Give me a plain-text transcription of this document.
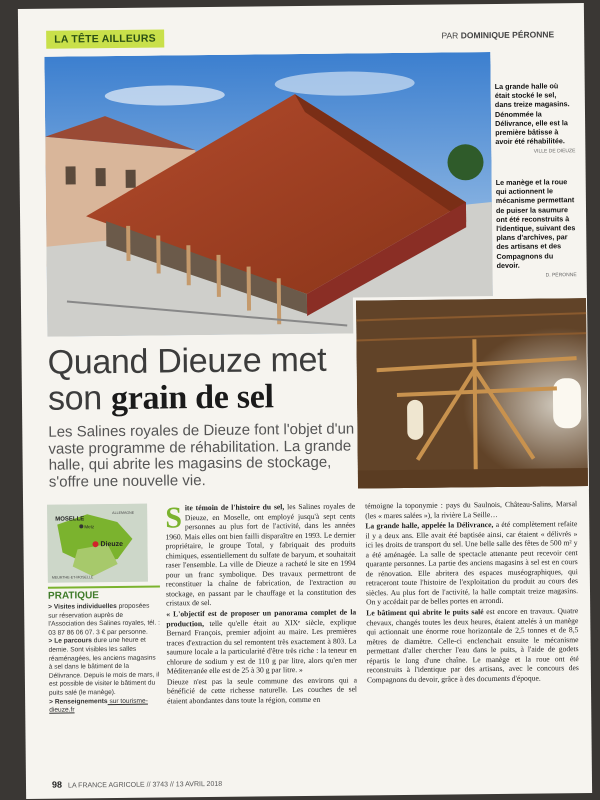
LA TÊTE AILLEURS	PAR DOMINIQUE PÉRONNE
La grande halle où était stocké le sel, dans treize magasins. Dénommée la Délivrance, elle est la première bâtisse à avoir été réhabilitée.
VILLE DE DIEUZE
Le manège et la roue qui actionnent le mécanisme permettant de puiser la saumure ont été reconstruits à l'identique, suivant des plans d'archives, par des artisans et des Compagnons du devoir.
D. PÉRONNE
Quand Dieuze met
son grain de sel
Les Salines royales de Dieuze font l'objet d'un vaste programme de réhabilitation. La grande halle, qui abrite les magasins de stockage, s'offre une nouvelle vie.
MOSELLE
Metz
Dieuze
MEURTHE-ET-MOSELLE
ALLEMAGNE
PRATIQUE

> Visites individuelles proposées sur réservation auprès de l'Association des Salines royales, tél. : 03 87 86 06 07. 3 € par personne.

> Le parcours dure une heure et demie. Sont visibles les salles réaménagées, les anciens magasins à sel dans le bâtiment de la Délivrance. Depuis le mois de mars, il est possible de visiter le bâtiment du puits salé (le manège).

> Renseignements sur tourisme-dieuze.fr

Site témoin de l'histoire du sel, les Salines royales de Dieuze, en Moselle, ont employé jusqu'à sept cents personnes au plus fort de l'activité, dans les années 1960. Mais elles ont bien failli disparaître en 1993. Le dernier propriétaire, le groupe Total, y fabriquait des produits chimiques, essentiellement du sulfate de baryum, et souhaitait raser l'ensemble. La ville de Dieuze a racheté le site en 1994 pour un franc symbolique. Des travaux permettront de reconstituer la chaîne de fabrication, de l'extraction au stockage, en passant par le chauffage et la constitution des cristaux de sel.

« L'objectif est de proposer un panorama complet de la production, telle qu'elle était au XIXᵉ siècle, explique Bernard François, premier adjoint au maire. Les premières traces d'extraction du sel remontent très exactement à 803. La saumure locale a la particularité d'être très riche : la teneur en chlorure de sodium y est de 110 g par litre, alors qu'en mer Méditerranée elle est de 25 à 30 g par litre. »

Dieuze n'est pas la seule commune des environs qui a bénéficié de cette richesse naturelle. Les couches de sel étaient abondantes dans toute la région, comme en

témoigne la toponymie : pays du Saulnois, Château-Salins, Marsal (les « mares salées »), la rivière La Seille…

La grande halle, appelée la Délivrance, a été complètement refaite il y a deux ans. Elle avait été baptisée ainsi, car étaient « délivrés » ici les droits de transport du sel. Une belle salle des fêtes de 500 m² y a été aménagée. La salle de spectacle attenante peut recevoir cent quarante personnes. La partie des anciens magasins à sel est en cours de rénovation. Elle abritera des espaces muséographiques, qui retraceront toute l'histoire de l'exploitation du produit au cours des siècles. Au plus fort de l'activité, la halle comptait treize magasins. On y accédait par de belles portes en arrondi.

Le bâtiment qui abrite le puits salé est encore en travaux. Quatre chevaux, changés toutes les deux heures, étaient attelés à un manège qui actionnait une énorme roue horizontale de 2,5 tonnes et de 8,5 mètres de diamètre. Celle-ci enclenchait ensuite le mécanisme permettant d'aller chercher l'eau dans le puits, à l'aide de godets répartis le long d'une chaîne. Le manège et la roue ont été reconstruits à l'identique par des artisans, avec le concours des Compagnons du devoir, grâce à des documents d'époque.

98 LA FRANCE AGRICOLE // 3743 // 13 AVRIL 2018
